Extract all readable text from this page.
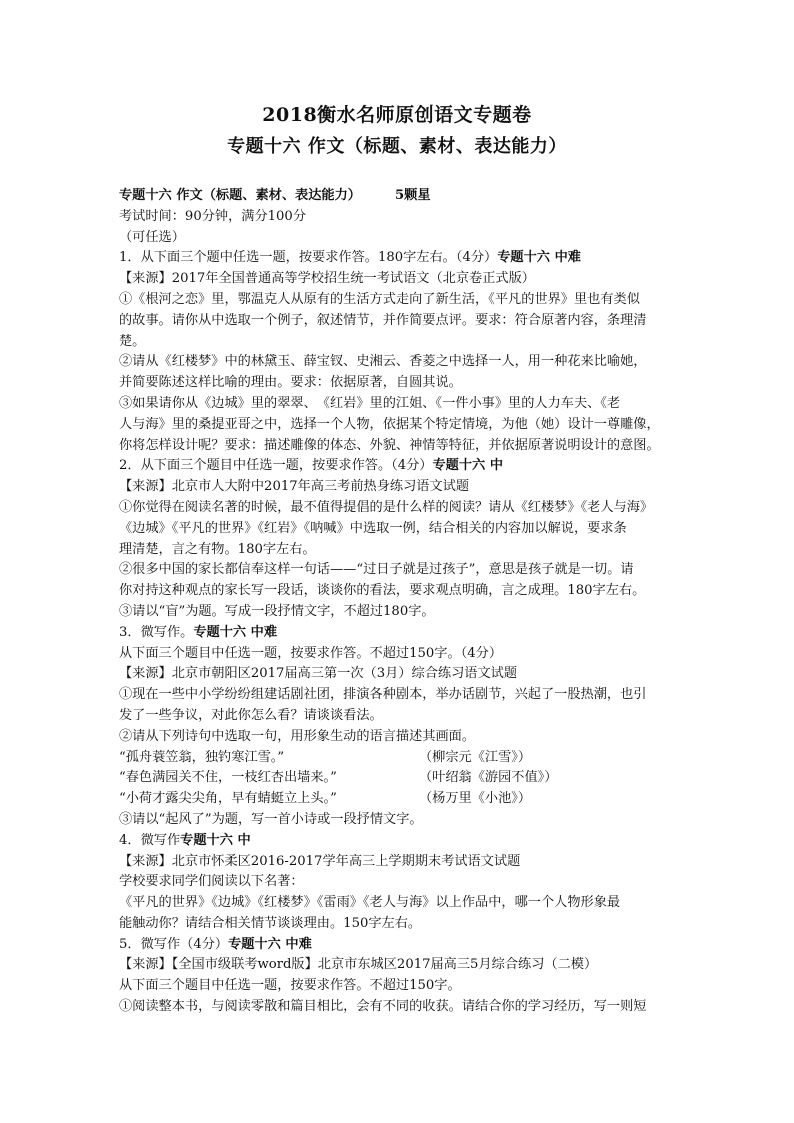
2018衡水名师原创语文专题卷
专题十六 作文（标题、素材、表达能力）
专题十六 作文（标题、素材、表达能力）	5颗星
考试时间：90分钟，满分100分
（可任选）
1．从下面三个题中任选一题，按要求作答。180字左右。（4分）专题十六 中难
【来源】2017年全国普通高等学校招生统一考试语文（北京卷正式版）
①《根河之恋》里，鄂温克人从原有的生活方式走向了新生活，《平凡的世界》里也有类似
的故事。请你从中选取一个例子，叙述情节，并作简要点评。要求：符合原著内容，条理清
楚。
②请从《红楼梦》中的林黛玉、薛宝钗、史湘云、香菱之中选择一人，用一种花来比喻她，
并简要陈述这样比喻的理由。要求：依据原著，自圆其说。
③如果请你从《边城》里的翠翠、　《红岩》里的江姐、《一件小事》里的人力车夫、《老
人与海》里的桑提亚哥之中，选择一个人物，依据某个特定情境，为他（她）设计一尊雕像，
你将怎样设计呢？要求：描述雕像的体态、外貌、神情等特征，并依据原著说明设计的意图。
2．从下面三个题目中任选一题，按要求作答。（4分）专题十六 中
【来源】北京市人大附中2017年高三考前热身练习语文试题
①你觉得在阅读名著的时候，最不值得提倡的是什么样的阅读？请从《红楼梦》《老人与海》
《边城》《平凡的世界》《红岩》《呐喊》中选取一例，结合相关的内容加以解说，要求条
理清楚，言之有物。180字左右。
②很多中国的家长都信奉这样一句话——“过日子就是过孩子”，意思是孩子就是一切。请
你对持这种观点的家长写一段话，谈谈你的看法，要求观点明确，言之成理。180字左右。
③请以“盲”为题。写成一段抒情文字，不超过180字。
3．微写作。专题十六 中难
从下面三个题目中任选一题，按要求作答。不超过150字。（4分）
【来源】北京市朝阳区2017届高三第一次（3月）综合练习语文试题
①现在一些中小学纷纷组建话剧社团，排演各种剧本，举办话剧节，兴起了一股热潮，也引
发了一些争议，对此你怎么看？请谈谈看法。
②请从下列诗句中选取一句，用形象生动的语言描述其画面。
“孤舟蓑笠翁，独钓寒江雪。”	（柳宗元《江雪》）
“春色满园关不住，一枝红杏出墙来。”	（叶绍翁《游园不值》）
“小荷才露尖尖角，早有蜻蜓立上头。”	（杨万里《小池》）
③请以“起风了”为题，写一首小诗或一段抒情文字。
4．微写作专题十六 中
【来源】北京市怀柔区2016-2017学年高三上学期期末考试语文试题
学校要求同学们阅读以下名著：
《平凡的世界》《边城》《红楼梦》《雷雨》《老人与海》以上作品中，哪一个人物形象最
能触动你？请结合相关情节谈谈理由。150字左右。
5．微写作（4分）专题十六 中难
【来源】【全国市级联考word版】北京市东城区2017届高三5月综合练习（二模）
从下面三个题目中任选一题，按要求作答。不超过150字。
①阅读整本书，与阅读零散和篇目相比，会有不同的收获。请结合你的学习经历，写一则短
